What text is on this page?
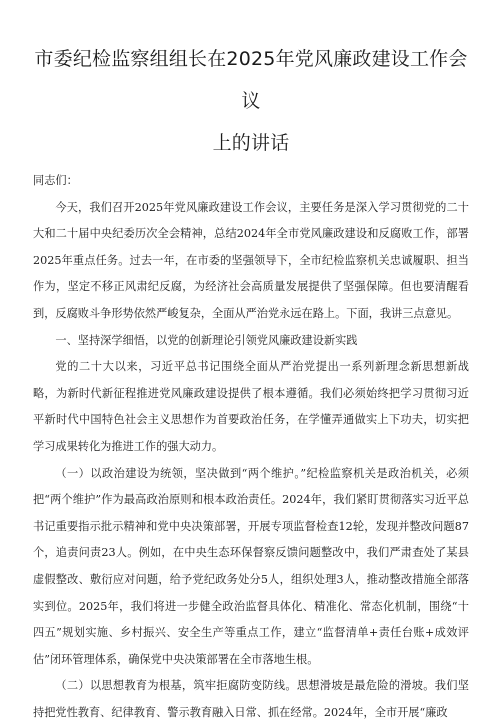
市委纪检监察组组长在2025年党风廉政建设工作会议
上的讲话

同志们：

今天，我们召开2025年党风廉政建设工作会议，主要任务是深入学习贯彻党的二十大和二十届中央纪委历次全会精神，总结2024年全市党风廉政建设和反腐败工作，部署2025年重点任务。过去一年，在市委的坚强领导下，全市纪检监察机关忠诚履职、担当作为，坚定不移正风肃纪反腐，为经济社会高质量发展提供了坚强保障。但也要清醒看到，反腐败斗争形势依然严峻复杂，全面从严治党永远在路上。下面，我讲三点意见。

一、坚持深学细悟，以党的创新理论引领党风廉政建设新实践

党的二十大以来，习近平总书记围绕全面从严治党提出一系列新理念新思想新战略，为新时代新征程推进党风廉政建设提供了根本遵循。我们必须始终把学习贯彻习近平新时代中国特色社会主义思想作为首要政治任务，在学懂弄通做实上下功夫，切实把学习成果转化为推进工作的强大动力。

（一）以政治建设为统领，坚决做到“两个维护。”纪检监察机关是政治机关，必须把“两个维护”作为最高政治原则和根本政治责任。2024年，我们紧盯贯彻落实习近平总书记重要指示批示精神和党中央决策部署，开展专项监督检查12轮，发现并整改问题87个，追责问责23人。例如，在中央生态环保督察反馈问题整改中，我们严肃查处了某县虚假整改、敷衍应对问题，给予党纪政务处分5人，组织处理3人，推动整改措施全部落实到位。2025年，我们将进一步健全政治监督具体化、精准化、常态化机制，围绕“十四五”规划实施、乡村振兴、安全生产等重点工作，建立“监督清单+责任台账+成效评估”闭环管理体系，确保党中央决策部署在全市落地生根。

（二）以思想教育为根基，筑牢拒腐防变防线。思想滑坡是最危险的滑坡。我们坚持把党性教育、纪律教育、警示教育融入日常、抓在经常。2024年，全市开展“廉政
